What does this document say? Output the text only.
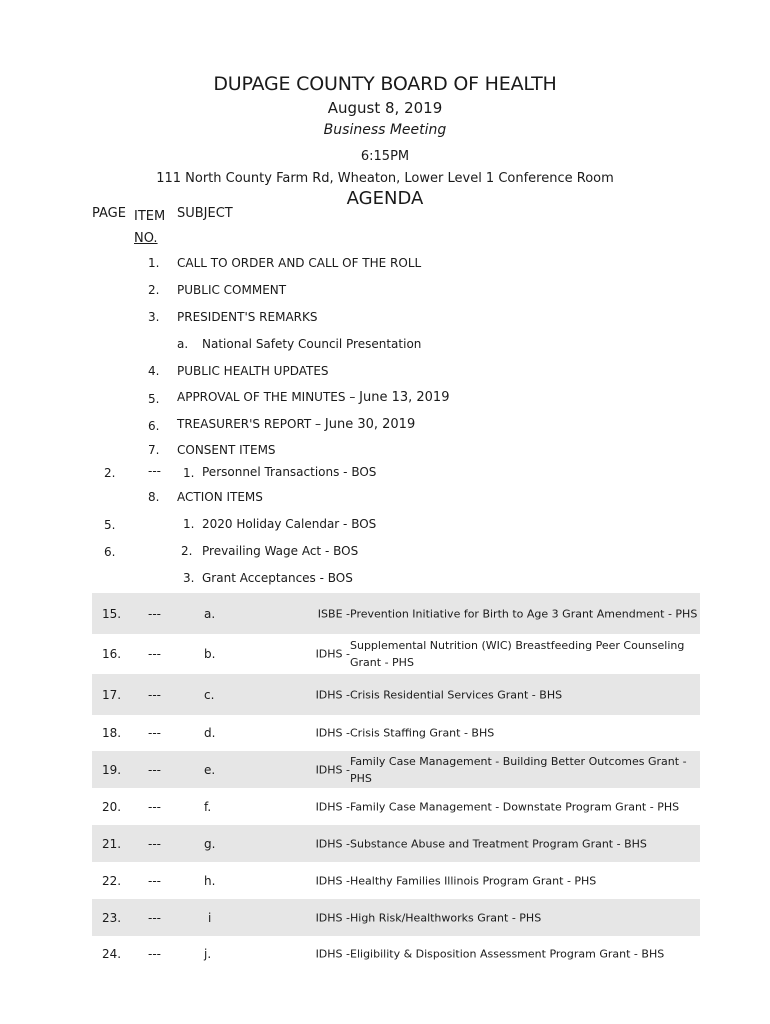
DUPAGE COUNTY BOARD OF HEALTH
August 8, 2019
Business Meeting
6:15PM
111 North County Farm Rd, Wheaton, Lower Level 1 Conference Room
AGENDA
PAGE ITEM
NO.
SUBJECT
1. CALL TO ORDER AND CALL OF THE ROLL
2. PUBLIC COMMENT
3. PRESIDENT'S REMARKS
a. National Safety Council Presentation
4. PUBLIC HEALTH UPDATES
5. APPROVAL OF THE MINUTES – June 13, 2019
6. TREASURER'S REPORT – June 30, 2019
7. CONSENT ITEMS
2.	--- 1. Personnel Transactions - BOS
8. ACTION ITEMS
5.	1. 2020 Holiday Calendar - BOS
6.	2. Prevailing Wage Act - BOS
3. Grant Acceptances - BOS
15. ---	a.	ISBE - Prevention Initiative for Birth to Age 3 Grant Amendment - PHS
16. ---	b.	IDHS -
Supplemental Nutrition (WIC) Breastfeeding Peer Counseling Grant - PHS
17. ---	c.	IDHS - Crisis Residential Services Grant - BHS
18. ---	d.	IDHS - Crisis Staffing Grant - BHS
19. ---	e.	IDHS -
Family Case Management - Building Better Outcomes Grant - PHS
20. ---	f.	IDHS - Family Case Management - Downstate Program Grant - PHS
21. ---	g.	IDHS - Substance Abuse and Treatment Program Grant - BHS
22. ---	h.	IDHS - Healthy Families Illinois Program Grant - PHS
23. ---	i	IDHS - High Risk/Healthworks Grant - PHS
24. ---	j.	IDHS - Eligibility & Disposition Assessment Program Grant - BHS
